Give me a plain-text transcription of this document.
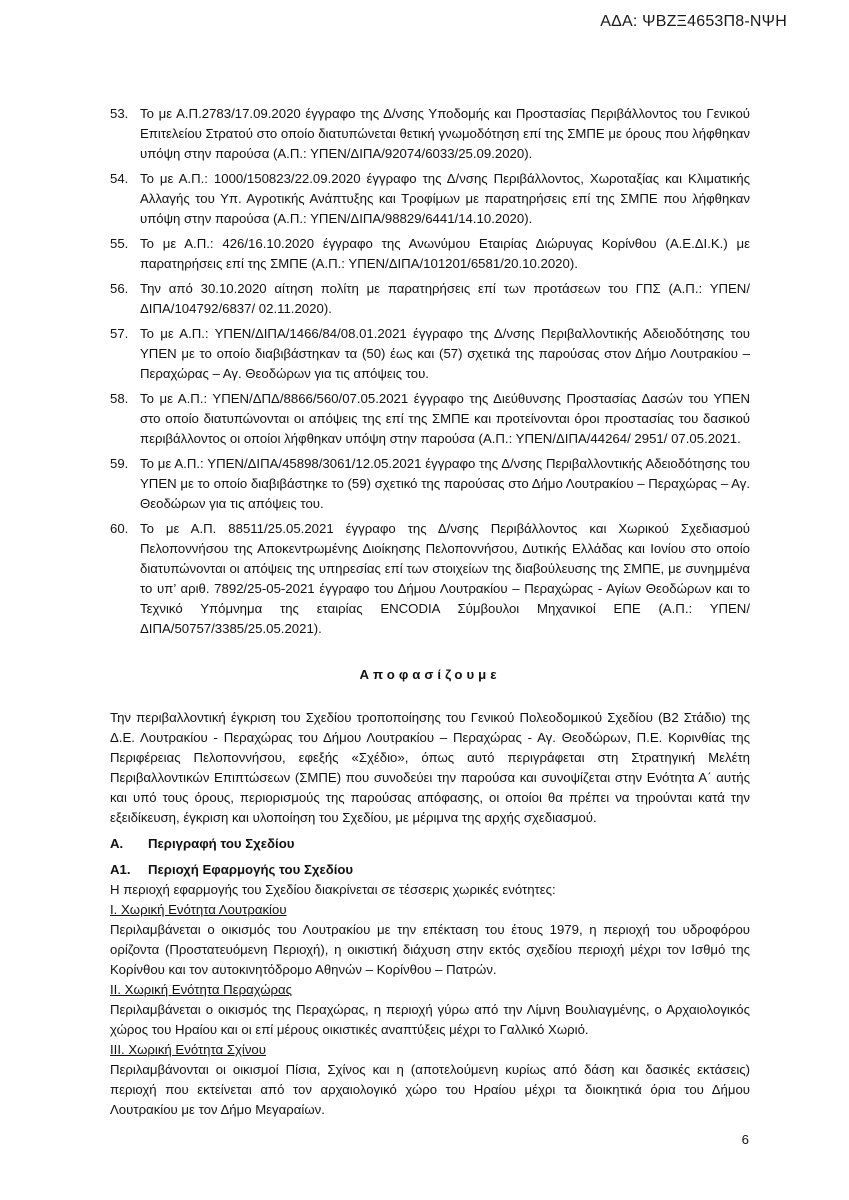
ΑΔΑ: ΨΒΖΞ4653Π8-ΝΨΗ
53. Το με Α.Π.2783/17.09.2020 έγγραφο της Δ/νσης Υποδομής και Προστασίας Περιβάλλοντος του Γενικού Επιτελείου Στρατού στο οποίο διατυπώνεται θετική γνωμοδότηση επί της ΣΜΠΕ με όρους που λήφθηκαν υπόψη στην παρούσα (Α.Π.: ΥΠΕΝ/ΔΙΠΑ/92074/6033/25.09.2020).
54. Το με Α.Π.: 1000/150823/22.09.2020 έγγραφο της Δ/νσης Περιβάλλοντος, Χωροταξίας και Κλιματικής Αλλαγής του Υπ. Αγροτικής Ανάπτυξης και Τροφίμων με παρατηρήσεις επί της ΣΜΠΕ που λήφθηκαν υπόψη στην παρούσα (Α.Π.: ΥΠΕΝ/ΔΙΠΑ/98829/6441/14.10.2020).
55. Το με Α.Π.: 426/16.10.2020 έγγραφο της Ανωνύμου Εταιρίας Διώρυγας Κορίνθου (Α.Ε.ΔΙ.Κ.) με παρατηρήσεις επί της ΣΜΠΕ (Α.Π.: ΥΠΕΝ/ΔΙΠΑ/101201/6581/20.10.2020).
56. Την από 30.10.2020 αίτηση πολίτη με παρατηρήσεις επί των προτάσεων του ΓΠΣ (Α.Π.: ΥΠΕΝ/ΔΙΠΑ/104792/6837/ 02.11.2020).
57. Το με Α.Π.: ΥΠΕΝ/ΔΙΠΑ/1466/84/08.01.2021 έγγραφο της Δ/νσης Περιβαλλοντικής Αδειοδότησης του ΥΠΕΝ με το οποίο διαβιβάστηκαν τα (50) έως και (57) σχετικά της παρούσας στον Δήμο Λουτρακίου – Περαχώρας – Αγ. Θεοδώρων για τις απόψεις του.
58. Το με Α.Π.: ΥΠΕΝ/ΔΠΔ/8866/560/07.05.2021 έγγραφο της Διεύθυνσης Προστασίας Δασών του ΥΠΕΝ στο οποίο διατυπώνονται οι απόψεις της επί της ΣΜΠΕ και προτείνονται όροι προστασίας του δασικού περιβάλλοντος οι οποίοι λήφθηκαν υπόψη στην παρούσα (Α.Π.: ΥΠΕΝ/ΔΙΠΑ/44264/ 2951/ 07.05.2021.
59. Το με Α.Π.: ΥΠΕΝ/ΔΙΠΑ/45898/3061/12.05.2021 έγγραφο της Δ/νσης Περιβαλλοντικής Αδειοδότησης του ΥΠΕΝ με το οποίο διαβιβάστηκε το (59) σχετικό της παρούσας στο Δήμο Λουτρακίου – Περαχώρας – Αγ. Θεοδώρων για τις απόψεις του.
60. Το με Α.Π. 88511/25.05.2021 έγγραφο της Δ/νσης Περιβάλλοντος και Χωρικού Σχεδιασμού Πελοποννήσου της Αποκεντρωμένης Διοίκησης Πελοποννήσου, Δυτικής Ελλάδας και Ιονίου στο οποίο διατυπώνονται οι απόψεις της υπηρεσίας επί των στοιχείων της διαβούλευσης της ΣΜΠΕ, με συνημμένα το υπ’ αριθ. 7892/25-05-2021 έγγραφο του Δήμου Λουτρακίου – Περαχώρας - Αγίων Θεοδώρων και το Τεχνικό Υπόμνημα της εταιρίας ENCODIA Σύμβουλοι Μηχανικοί ΕΠΕ (Α.Π.: ΥΠΕΝ/ΔΙΠΑ/50757/3385/25.05.2021).
Αποφασίζουμε

Την περιβαλλοντική έγκριση του Σχεδίου τροποποίησης του Γενικού Πολεοδομικού Σχεδίου (Β2 Στάδιο) της Δ.Ε. Λουτρακίου - Περαχώρας του Δήμου Λουτρακίου – Περαχώρας - Αγ. Θεοδώρων, Π.Ε. Κορινθίας της Περιφέρειας Πελοποννήσου, εφεξής «Σχέδιο», όπως αυτό περιγράφεται στη Στρατηγική Μελέτη Περιβαλλοντικών Επιπτώσεων (ΣΜΠΕ) που συνοδεύει την παρούσα και συνοψίζεται στην Ενότητα Α΄ αυτής και υπό τους όρους, περιορισμούς της παρούσας απόφασης, οι οποίοι θα πρέπει να τηρούνται κατά την εξειδίκευση, έγκριση και υλοποίηση του Σχεδίου, με μέριμνα της αρχής σχεδιασμού.

Α. Περιγραφή του Σχεδίου

Α1. Περιοχή Εφαρμογής του Σχεδίου

Η περιοχή εφαρμογής του Σχεδίου διακρίνεται σε τέσσερις χωρικές ενότητες:

Ι. Χωρική Ενότητα Λουτρακίου

Περιλαμβάνεται ο οικισμός του Λουτρακίου με την επέκταση του έτους 1979, η περιοχή του υδροφόρου ορίζοντα (Προστατευόμενη Περιοχή), η οικιστική διάχυση στην εκτός σχεδίου περιοχή μέχρι τον Ισθμό της Κορίνθου και τον αυτοκινητόδρομο Αθηνών – Κορίνθου – Πατρών.

ΙΙ. Χωρική Ενότητα Περαχώρας

Περιλαμβάνεται ο οικισμός της Περαχώρας, η περιοχή γύρω από την Λίμνη Βουλιαγμένης, ο Αρχαιολογικός χώρος του Ηραίου και οι επί μέρους οικιστικές αναπτύξεις μέχρι το Γαλλικό Χωριό.

ΙΙΙ. Χωρική Ενότητα Σχίνου

Περιλαμβάνονται οι οικισμοί Πίσια, Σχίνος και η (αποτελούμενη κυρίως από δάση και δασικές εκτάσεις) περιοχή που εκτείνεται από τον αρχαιολογικό χώρο του Ηραίου μέχρι τα διοικητικά όρια του Δήμου Λουτρακίου με τον Δήμο Μεγαραίων.

6
